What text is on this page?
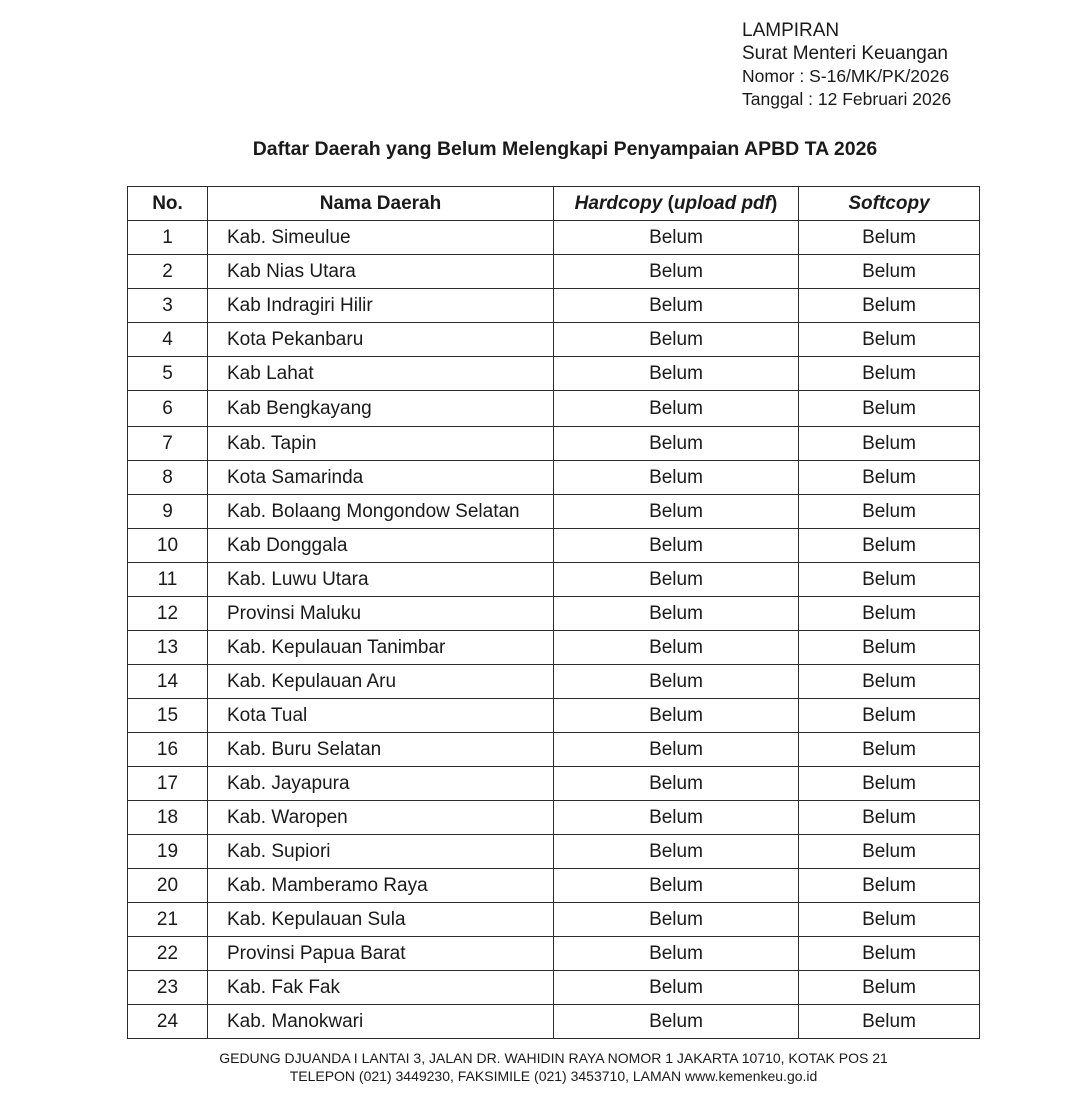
LAMPIRAN
Surat Menteri Keuangan
Nomor : S-16/MK/PK/2026
Tanggal : 12 Februari 2026
Daftar Daerah yang Belum Melengkapi Penyampaian APBD TA 2026
No.	Nama Daerah	Hardcopy (upload pdf)	Softcopy
1	Kab. Simeulue	Belum	Belum
2	Kab Nias Utara	Belum	Belum
3	Kab Indragiri Hilir	Belum	Belum
4	Kota Pekanbaru	Belum	Belum
5	Kab Lahat	Belum	Belum
6	Kab Bengkayang	Belum	Belum
7	Kab. Tapin	Belum	Belum
8	Kota Samarinda	Belum	Belum
9	Kab. Bolaang Mongondow Selatan	Belum	Belum
10	Kab Donggala	Belum	Belum
11	Kab. Luwu Utara	Belum	Belum
12	Provinsi Maluku	Belum	Belum
13	Kab. Kepulauan Tanimbar	Belum	Belum
14	Kab. Kepulauan Aru	Belum	Belum
15	Kota Tual	Belum	Belum
16	Kab. Buru Selatan	Belum	Belum
17	Kab. Jayapura	Belum	Belum
18	Kab. Waropen	Belum	Belum
19	Kab. Supiori	Belum	Belum
20	Kab. Mamberamo Raya	Belum	Belum
21	Kab. Kepulauan Sula	Belum	Belum
22	Provinsi Papua Barat	Belum	Belum
23	Kab. Fak Fak	Belum	Belum
24	Kab. Manokwari	Belum	Belum
GEDUNG DJUANDA I LANTAI 3, JALAN DR. WAHIDIN RAYA NOMOR 1 JAKARTA 10710, KOTAK POS 21
TELEPON (021) 3449230, FAKSIMILE (021) 3453710, LAMAN www.kemenkeu.go.id
